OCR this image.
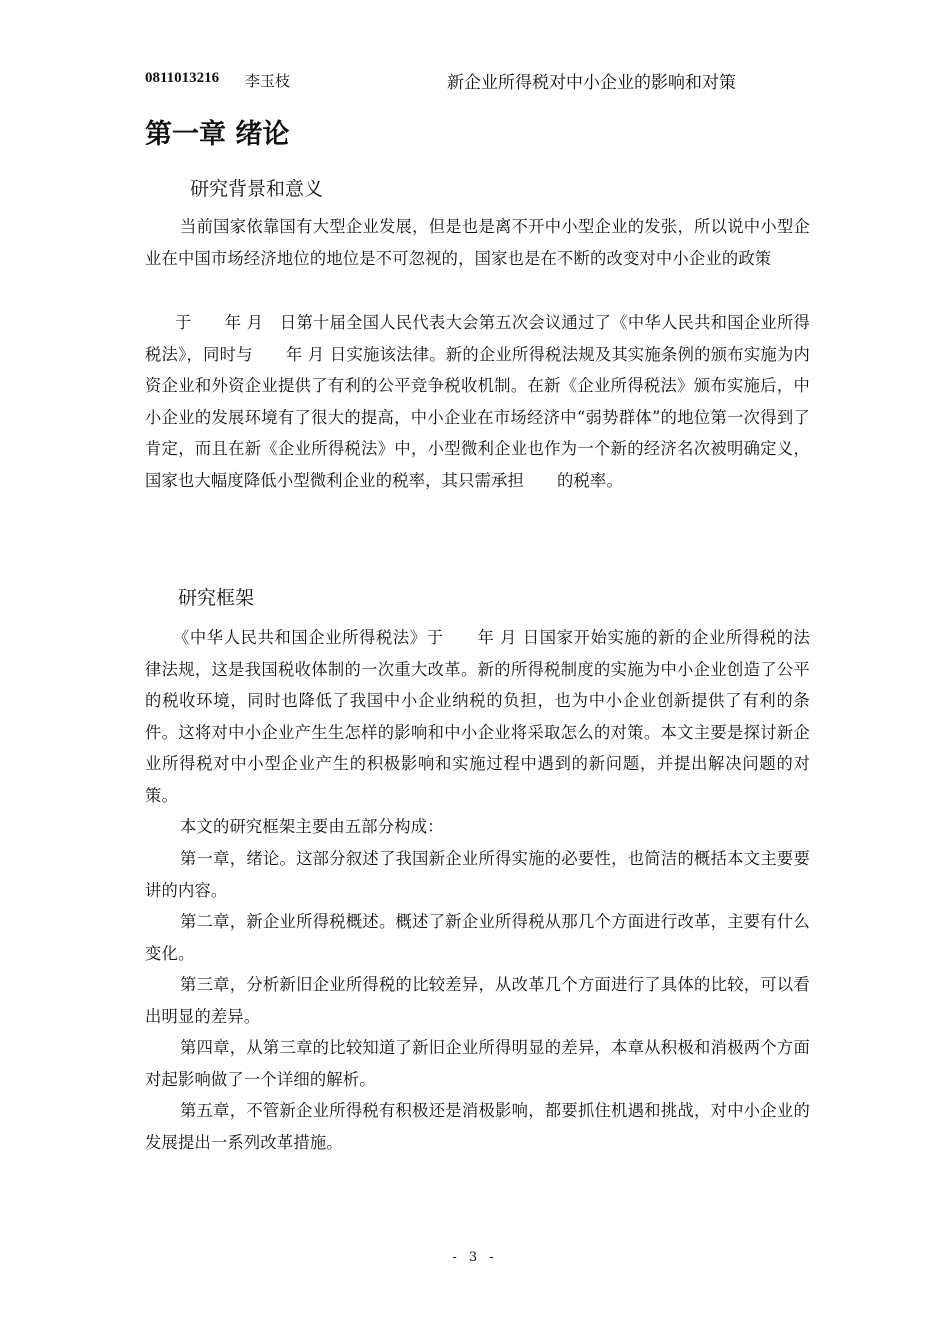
0811013216 李玉枝	新企业所得税对中小企业的影响和对策
第一章 绪论
研究背景和意义

当前国家依靠国有大型企业发展，但是也是离不开中小型企业的发张，所以说中小型企业在中国市场经济地位的地位是不可忽视的，国家也是在不断的改变对中小企业的政策

于　　年 月　日第十届全国人民代表大会第五次会议通过了《中华人民共和国企业所得税法》，同时与　　年 月 日实施该法律。新的企业所得税法规及其实施条例的颁布实施为内资企业和外资企业提供了有利的公平竞争税收机制。在新《企业所得税法》颁布实施后，中小企业的发展环境有了很大的提高，中小企业在市场经济中“弱势群体”的地位第一次得到了肯定，而且在新《企业所得税法》中，小型微利企业也作为一个新的经济名次被明确定义，国家也大幅度降低小型微利企业的税率，其只需承担　　的税率。

研究框架

《中华人民共和国企业所得税法》于　　年 月 日国家开始实施的新的企业所得税的法律法规，这是我国税收体制的一次重大改革。新的所得税制度的实施为中小企业创造了公平的税收环境，同时也降低了我国中小企业纳税的负担，也为中小企业创新提供了有利的条件。这将对中小企业产生生怎样的影响和中小企业将采取怎么的对策。本文主要是探讨新企业所得税对中小型企业产生的积极影响和实施过程中遇到的新问题，并提出解决问题的对策。

本文的研究框架主要由五部分构成：

第一章，绪论。这部分叙述了我国新企业所得实施的必要性，也简洁的概括本文主要要讲的内容。

第二章，新企业所得税概述。概述了新企业所得税从那几个方面进行改革，主要有什么变化。

第三章，分析新旧企业所得税的比较差异，从改革几个方面进行了具体的比较，可以看出明显的差异。

第四章，从第三章的比较知道了新旧企业所得明显的差异，本章从积极和消极两个方面对起影响做了一个详细的解析。

第五章，不管新企业所得税有积极还是消极影响，都要抓住机遇和挑战，对中小企业的发展提出一系列改革措施。

- 3 -
